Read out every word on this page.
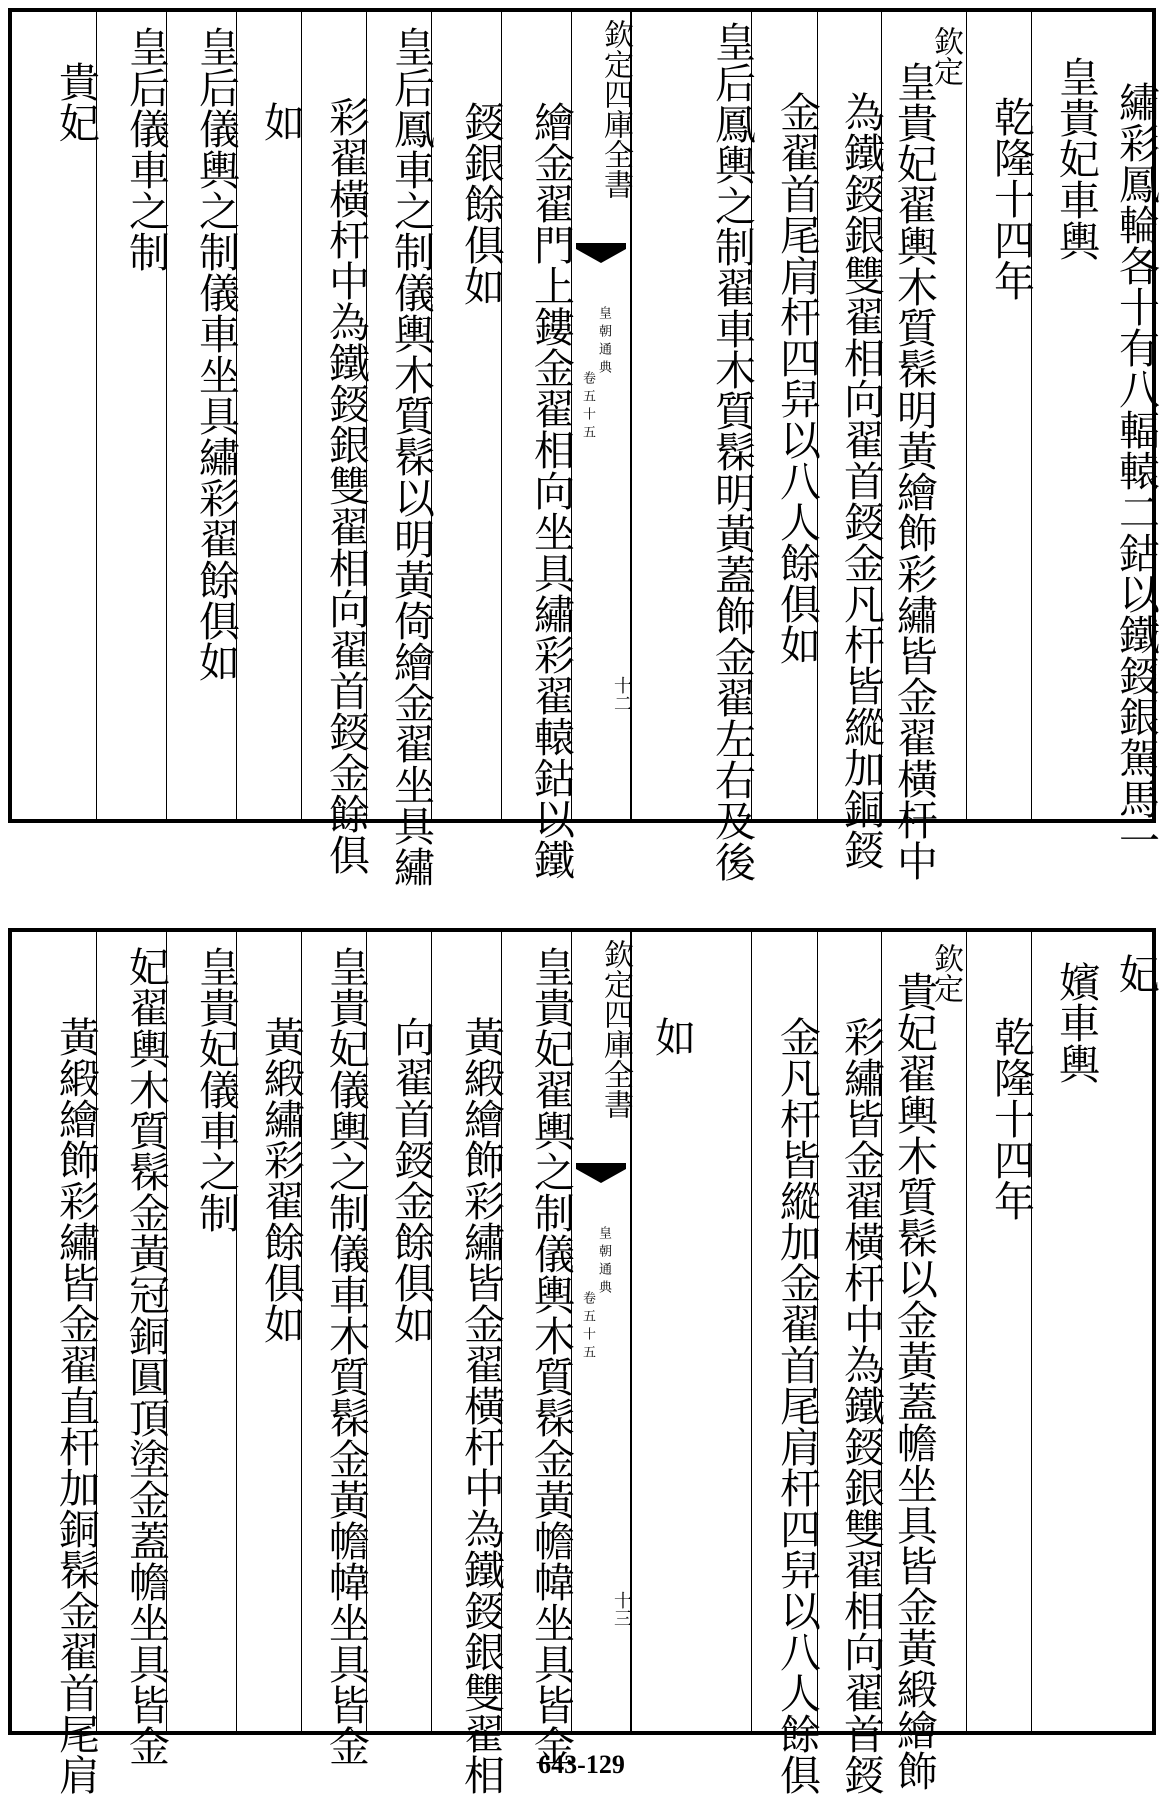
繡彩鳳輪各十有八輻轅二鈷以鐵鋄銀駕馬一
皇貴妃車輿
乾隆十四年
欽定
皇貴妃翟輿木質髹明黃繪飾彩繡皆金翟橫杆中
為鐵鋄銀雙翟相向翟首鋄金凡杆皆縱加銅鋄
金翟首尾肩杆四舁以八人餘俱如
皇后鳳輿之制翟車木質髹明黃蓋飾金翟左右及後
欽定四庫全書
皇朝通典
卷五十五
十二
繪金翟門上鏤金翟相向坐具繡彩翟轅鈷以鐵
鋄銀餘俱如
皇后鳳車之制儀輿木質髹以明黃倚繪金翟坐具繡
彩翟橫杆中為鐵鋄銀雙翟相向翟首鋄金餘俱
如
皇后儀輿之制儀車坐具繡彩翟餘俱如
皇后儀車之制
貴妃
妃
嬪車輿
乾隆十四年
欽定
貴妃翟輿木質髹以金黃蓋幨坐具皆金黃緞繪飾
彩繡皆金翟橫杆中為鐵鋄銀雙翟相向翟首鋄
金凡杆皆縱加金翟首尾肩杆四舁以八人餘俱
如
欽定四庫全書
皇朝通典
卷五十五
十三
皇貴妃翟輿之制儀輿木質髹金黃幨幃坐具皆金
黃緞繪飾彩繡皆金翟橫杆中為鐵鋄銀雙翟相
向翟首鋄金餘俱如
皇貴妃儀輿之制儀車木質髹金黃幨幃坐具皆金
黃緞繡彩翟餘俱如
皇貴妃儀車之制
妃翟輿木質髹金黃冠銅圓頂塗金蓋幨坐具皆金
黃緞繪飾彩繡皆金翟直杆加銅髹金翟首尾肩	643-129
